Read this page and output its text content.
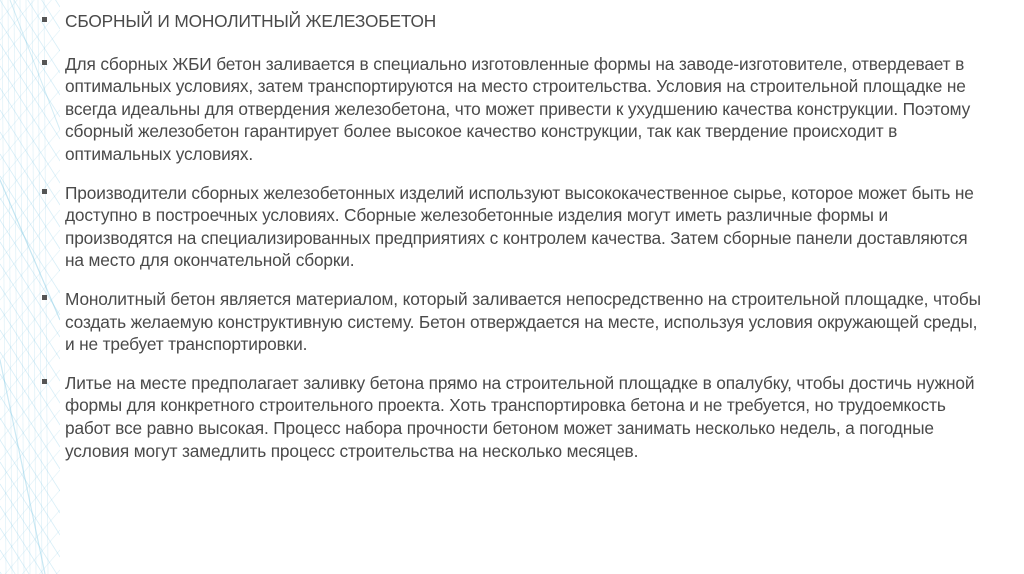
СБОРНЫЙ И МОНОЛИТНЫЙ ЖЕЛЕЗОБЕТОН
Для сборных ЖБИ бетон заливается в специально изготовленные формы на заводе-изготовителе, отвердевает в оптимальных условиях, затем транспортируются на место строительства. Условия на строительной площадке не всегда идеальны для отвердения железобетона, что может привести к ухудшению качества конструкции. Поэтому сборный железобетон гарантирует более высокое качество конструкции, так как твердение происходит в оптимальных условиях.
Производители сборных железобетонных изделий используют высококачественное сырье, которое может быть не доступно в построечных условиях. Сборные железобетонные изделия могут иметь различные формы и производятся на специализированных предприятиях с контролем качества. Затем сборные панели доставляются на место для окончательной сборки.
Монолитный бетон является материалом, который заливается непосредственно на строительной площадке, чтобы создать желаемую конструктивную систему. Бетон отверждается на месте, используя условия окружающей среды, и не требует транспортировки.
Литье на месте предполагает заливку бетона прямо на строительной площадке в опалубку, чтобы достичь нужной формы для конкретного строительного проекта. Хоть транспортировка бетона и не требуется, но трудоемкость работ все равно высокая. Процесс набора прочности бетоном может занимать несколько недель, а погодные условия могут замедлить процесс строительства на несколько месяцев.
